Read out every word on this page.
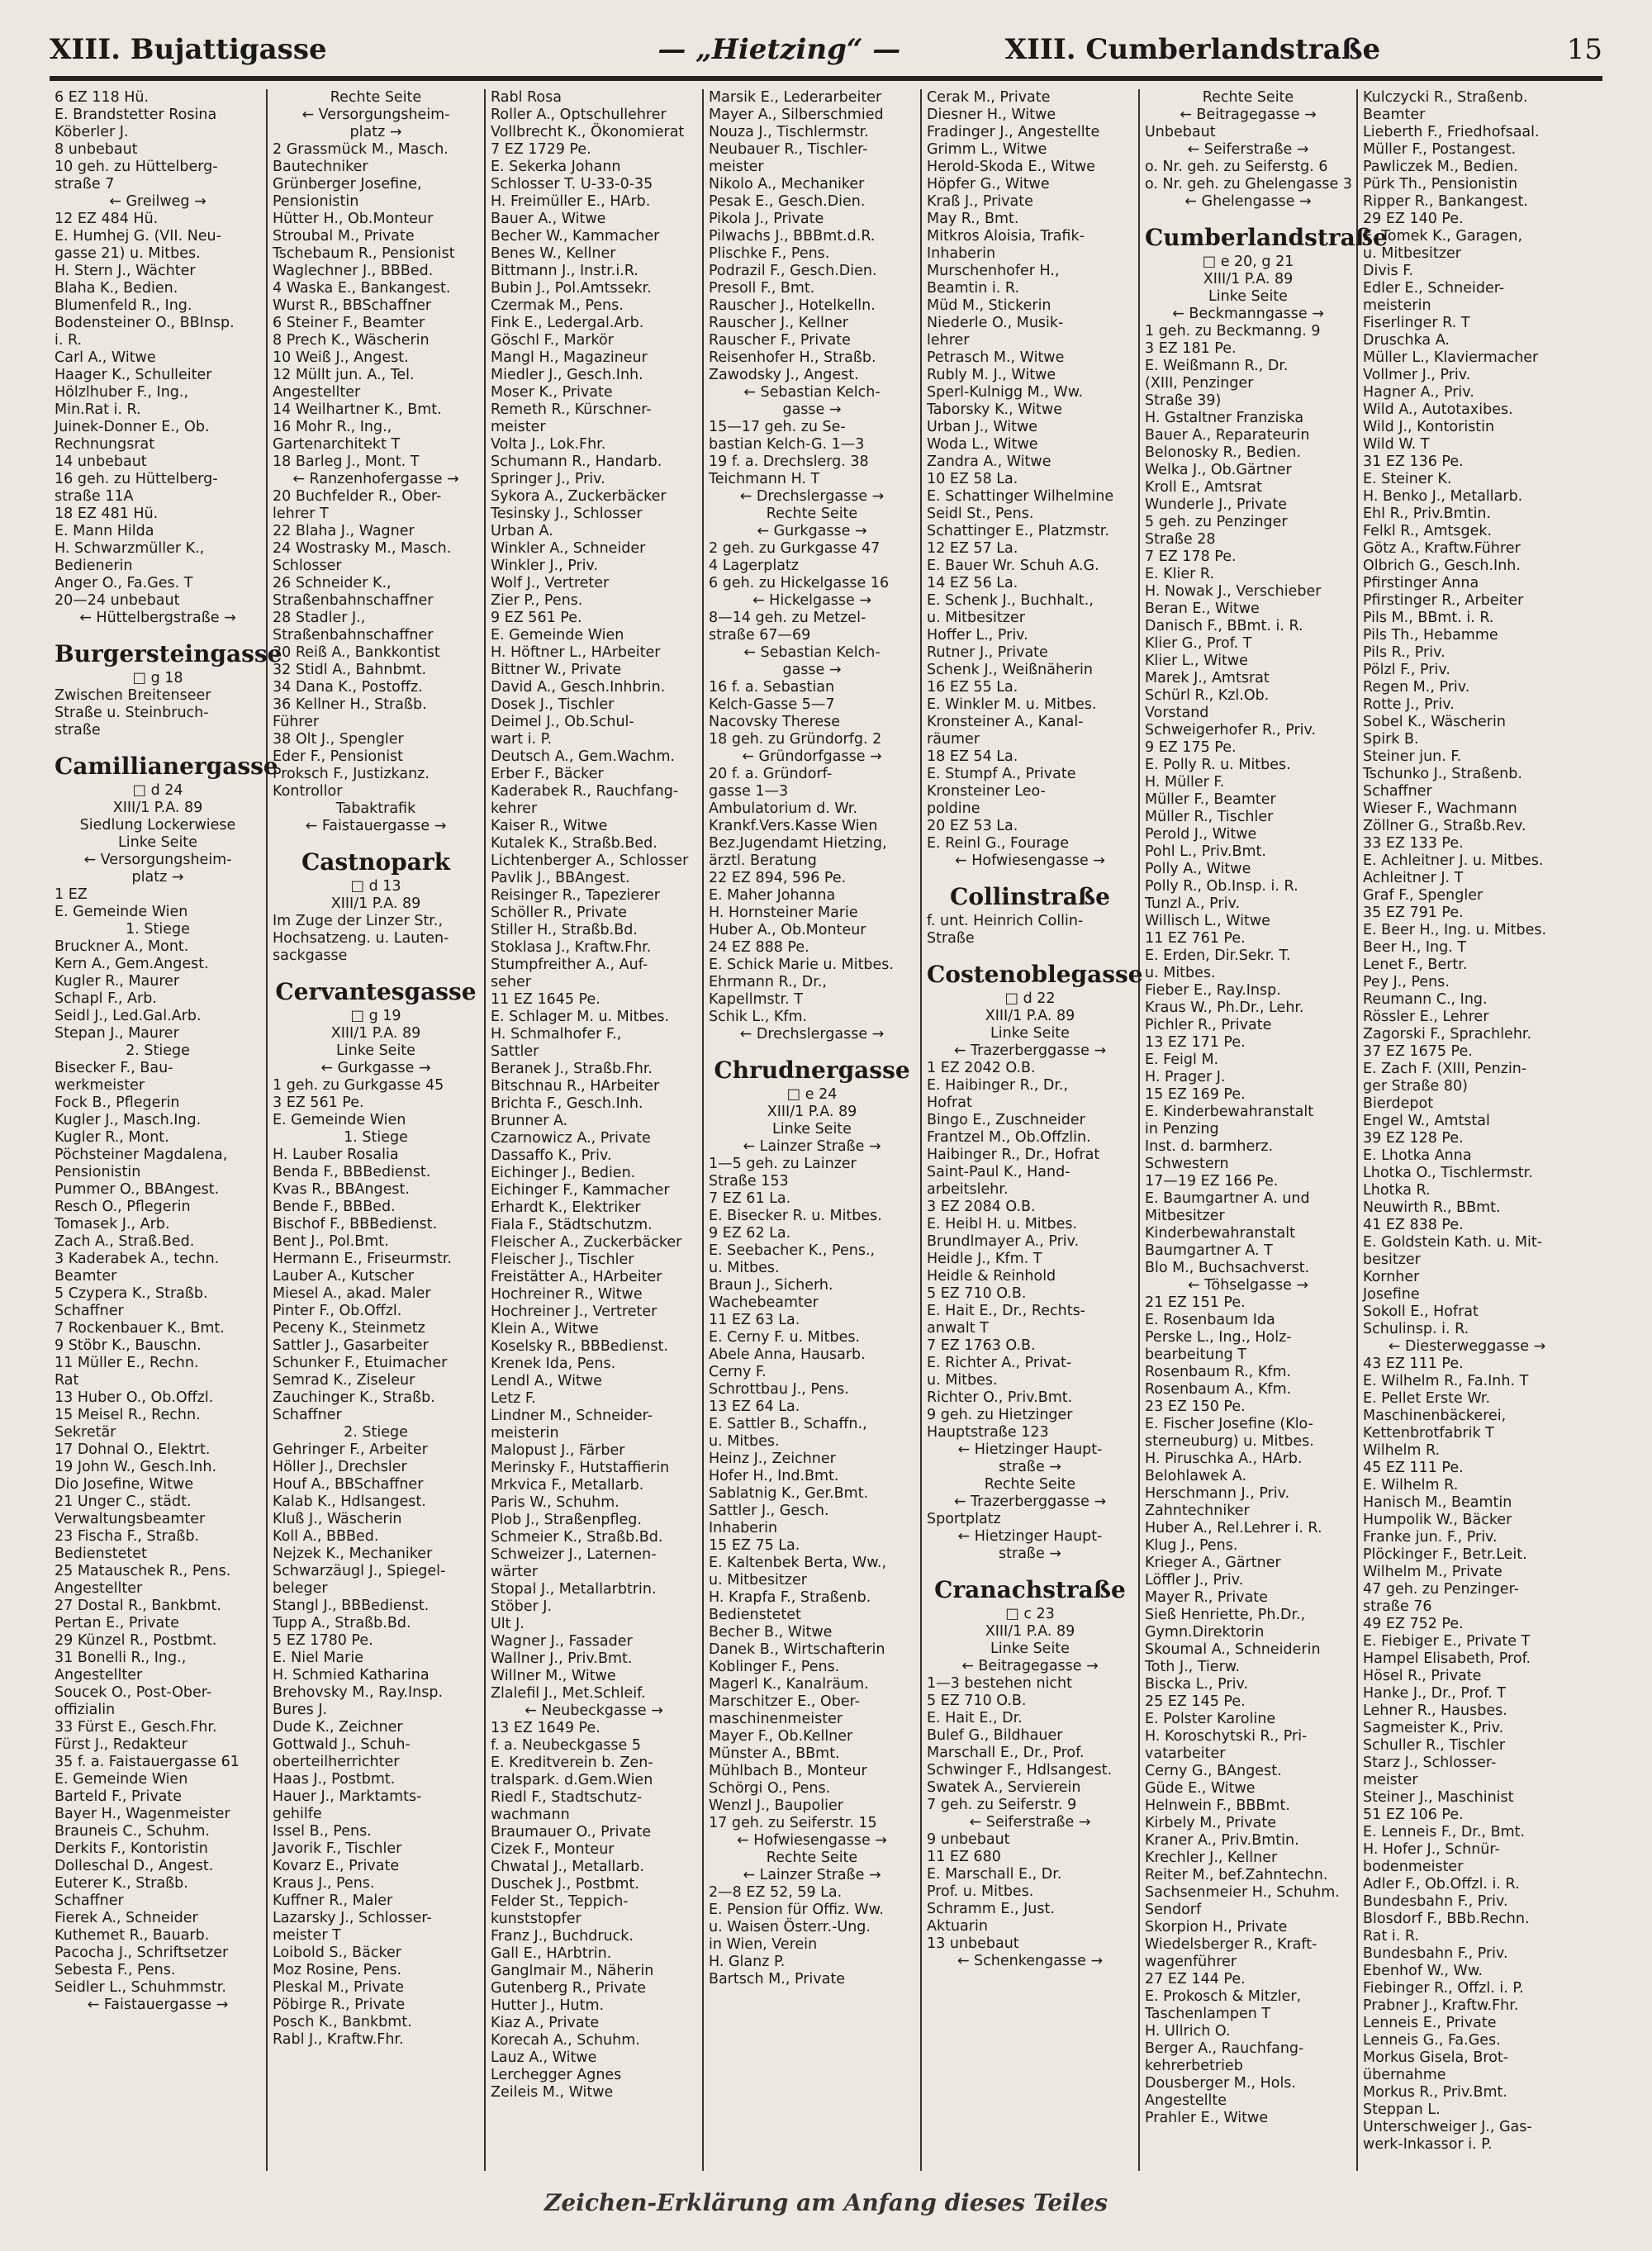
XIII. Bujattigasse	— „Hietzing“ —	XIII. Cumberlandstraße	15
6 EZ 118 Hü.
E. Brandstetter Rosina
Köberler J.
8 unbebaut
10 geh. zu Hüttelberg-
straße 7
← Greilweg →
12 EZ 484 Hü.
E. Humhej G. (VII. Neu-
gasse 21) u. Mitbes.
H. Stern J., Wächter
Blaha K., Bedien.
Blumenfeld R., Ing.
Bodensteiner O., BBInsp.
i. R.
Carl A., Witwe
Haager K., Schulleiter
Hölzlhuber F., Ing.,
Min.Rat i. R.
Juinek-Donner E., Ob.
Rechnungsrat
14 unbebaut
16 geh. zu Hüttelberg-
straße 11A
18 EZ 481 Hü.
E. Mann Hilda
H. Schwarzmüller K.,
Bedienerin
Anger O., Fa.Ges. T
20—24 unbebaut
← Hüttelbergstraße →
Burgersteingasse
□ g 18
Zwischen Breitenseer
Straße u. Steinbruch-
straße
Camillianergasse
□ d 24
XIII/1 P.A. 89
Siedlung Lockerwiese
Linke Seite
← Versorgungsheim-
platz →
1 EZ
E. Gemeinde Wien
1. Stiege
Bruckner A., Mont.
Kern A., Gem.Angest.
Kugler R., Maurer
Schapl F., Arb.
Seidl J., Led.Gal.Arb.
Stepan J., Maurer
2. Stiege
Bisecker F., Bau-
werkmeister
Fock B., Pflegerin
Kugler J., Masch.Ing.
Kugler R., Mont.
Pöchsteiner Magdalena,
Pensionistin
Pummer O., BBAngest.
Resch O., Pflegerin
Tomasek J., Arb.
Zach A., Straß.Bed.
3 Kaderabek A., techn.
Beamter
5 Czypera K., Straßb.
Schaffner
7 Rockenbauer K., Bmt.
9 Stöbr K., Bauschn.
11 Müller E., Rechn.
Rat
13 Huber O., Ob.Offzl.
15 Meisel R., Rechn.
Sekretär
17 Dohnal O., Elektrt.
19 John W., Gesch.Inh.
Dio Josefine, Witwe
21 Unger C., städt.
Verwaltungsbeamter
23 Fischa F., Straßb.
Bedienstetet
25 Matauschek R., Pens.
Angestellter
27 Dostal R., Bankbmt.
Pertan E., Private
29 Künzel R., Postbmt.
31 Bonelli R., Ing.,
Angestellter
Soucek O., Post-Ober-
offizialin
33 Fürst E., Gesch.Fhr.
Fürst J., Redakteur
35 f. a. Faistauergasse 61
E. Gemeinde Wien
Barteld F., Private
Bayer H., Wagenmeister
Brauneis C., Schuhm.
Derkits F., Kontoristin
Dolleschal D., Angest.
Euterer K., Straßb.
Schaffner
Fierek A., Schneider
Kuthemet R., Bauarb.
Pacocha J., Schriftsetzer
Sebesta F., Pens.
Seidler L., Schuhmmstr.
← Faistauergasse →
Rechte Seite
← Versorgungsheim-
platz →
2 Grassmück M., Masch.
Bautechniker
Grünberger Josefine,
Pensionistin
Hütter H., Ob.Monteur
Stroubal M., Private
Tschebaum R., Pensionist
Waglechner J., BBBed.
4 Waska E., Bankangest.
Wurst R., BBSchaffner
6 Steiner F., Beamter
8 Prech K., Wäscherin
10 Weiß J., Angest.
12 Müllt jun. A., Tel.
Angestellter
14 Weilhartner K., Bmt.
16 Mohr R., Ing.,
Gartenarchitekt T
18 Barleg J., Mont. T
← Ranzenhofergasse →
20 Buchfelder R., Ober-
lehrer T
22 Blaha J., Wagner
24 Wostrasky M., Masch.
Schlosser
26 Schneider K.,
Straßenbahnschaffner
28 Stadler J.,
Straßenbahnschaffner
30 Reiß A., Bankkontist
32 Stidl A., Bahnbmt.
34 Dana K., Postoffz.
36 Kellner H., Straßb.
Führer
38 Olt J., Spengler
Eder F., Pensionist
Proksch F., Justizkanz.
Kontrollor
Tabaktrafik
← Faistauergasse →
Castnopark
□ d 13
XIII/1 P.A. 89
Im Zuge der Linzer Str.,
Hochsatzeng. u. Lauten-
sackgasse
Cervantesgasse
□ g 19
XIII/1 P.A. 89
Linke Seite
← Gurkgasse →
1 geh. zu Gurkgasse 45
3 EZ 561 Pe.
E. Gemeinde Wien
1. Stiege
H. Lauber Rosalia
Benda F., BBBedienst.
Kvas R., BBAngest.
Bende F., BBBed.
Bischof F., BBBedienst.
Bent J., Pol.Bmt.
Hermann E., Friseurmstr.
Lauber A., Kutscher
Miesel A., akad. Maler
Pinter F., Ob.Offzl.
Peceny K., Steinmetz
Sattler J., Gasarbeiter
Schunker F., Etuimacher
Semrad K., Ziseleur
Zauchinger K., Straßb.
Schaffner
2. Stiege
Gehringer F., Arbeiter
Höller J., Drechsler
Houf A., BBSchaffner
Kalab K., Hdlsangest.
Kluß J., Wäscherin
Koll A., BBBed.
Nejzek K., Mechaniker
Schwarzäugl J., Spiegel-
beleger
Stangl J., BBBedienst.
Tupp A., Straßb.Bd.
5 EZ 1780 Pe.
E. Niel Marie
H. Schmied Katharina
Brehovsky M., Ray.Insp.
Bures J.
Dude K., Zeichner
Gottwald J., Schuh-
oberteilherrichter
Haas J., Postbmt.
Hauer J., Marktamts-
gehilfe
Issel B., Pens.
Javorik F., Tischler
Kovarz E., Private
Kraus J., Pens.
Kuffner R., Maler
Lazarsky J., Schlosser-
meister T
Loibold S., Bäcker
Moz Rosine, Pens.
Pleskal M., Private
Pöbirge R., Private
Posch K., Bankbmt.
Rabl J., Kraftw.Fhr.
Rabl Rosa
Roller A., Optschullehrer
Vollbrecht K., Ökonomierat
7 EZ 1729 Pe.
E. Sekerka Johann
Schlosser T. U-33-0-35
H. Freimüller E., HArb.
Bauer A., Witwe
Becher W., Kammacher
Benes W., Kellner
Bittmann J., Instr.i.R.
Bubin J., Pol.Amtssekr.
Czermak M., Pens.
Fink E., Ledergal.Arb.
Göschl F., Markör
Mangl H., Magazineur
Miedler J., Gesch.Inh.
Moser K., Private
Remeth R., Kürschner-
meister
Volta J., Lok.Fhr.
Schumann R., Handarb.
Springer J., Priv.
Sykora A., Zuckerbäcker
Tesinsky J., Schlosser
Urban A.
Winkler A., Schneider
Winkler J., Priv.
Wolf J., Vertreter
Zier P., Pens.
9 EZ 561 Pe.
E. Gemeinde Wien
H. Höftner L., HArbeiter
Bittner W., Private
David A., Gesch.Inhbrin.
Dosek J., Tischler
Deimel J., Ob.Schul-
wart i. P.
Deutsch A., Gem.Wachm.
Erber F., Bäcker
Kaderabek R., Rauchfang-
kehrer
Kaiser R., Witwe
Kutalek K., Straßb.Bed.
Lichtenberger A., Schlosser
Pavlik J., BBAngest.
Reisinger R., Tapezierer
Schöller R., Private
Stiller H., Straßb.Bd.
Stoklasa J., Kraftw.Fhr.
Stumpfreither A., Auf-
seher
11 EZ 1645 Pe.
E. Schlager M. u. Mitbes.
H. Schmalhofer F.,
Sattler
Beranek J., Straßb.Fhr.
Bitschnau R., HArbeiter
Brichta F., Gesch.Inh.
Brunner A.
Czarnowicz A., Private
Dassaffo K., Priv.
Eichinger J., Bedien.
Eichinger F., Kammacher
Erhardt K., Elektriker
Fiala F., Städtschutzm.
Fleischer A., Zuckerbäcker
Fleischer J., Tischler
Freistätter A., HArbeiter
Hochreiner R., Witwe
Hochreiner J., Vertreter
Klein A., Witwe
Koselsky R., BBBedienst.
Krenek Ida, Pens.
Lendl A., Witwe
Letz F.
Lindner M., Schneider-
meisterin
Malopust J., Färber
Merinsky F., Hutstaffierin
Mrkvica F., Metallarb.
Paris W., Schuhm.
Plob J., Straßenpfleg.
Schmeier K., Straßb.Bd.
Schweizer J., Laternen-
wärter
Stopal J., Metallarbtrin.
Stöber J.
Ult J.
Wagner J., Fassader
Wallner J., Priv.Bmt.
Willner M., Witwe
Zlalefil J., Met.Schleif.
← Neubeckgasse →
13 EZ 1649 Pe.
f. a. Neubeckgasse 5
E. Kreditverein b. Zen-
tralspark. d.Gem.Wien
Riedl F., Stadtschutz-
wachmann
Braumauer O., Private
Cizek F., Monteur
Chwatal J., Metallarb.
Duschek J., Postbmt.
Felder St., Teppich-
kunststopfer
Franz J., Buchdruck.
Gall E., HArbtrin.
Ganglmair M., Näherin
Gutenberg R., Private
Hutter J., Hutm.
Kiaz A., Private
Korecah A., Schuhm.
Lauz A., Witwe
Lerchegger Agnes
Zeileis M., Witwe
Marsik E., Lederarbeiter
Mayer A., Silberschmied
Nouza J., Tischlermstr.
Neubauer R., Tischler-
meister
Nikolo A., Mechaniker
Pesak E., Gesch.Dien.
Pikola J., Private
Pilwachs J., BBBmt.d.R.
Plischke F., Pens.
Podrazil F., Gesch.Dien.
Presoll F., Bmt.
Rauscher J., Hotelkelln.
Rauscher J., Kellner
Rauscher F., Private
Reisenhofer H., Straßb.
Zawodsky J., Angest.
← Sebastian Kelch-
gasse →
15—17 geh. zu Se-
bastian Kelch-G. 1—3
19 f. a. Drechslerg. 38
Teichmann H. T
← Drechslergasse →
Rechte Seite
← Gurkgasse →
2 geh. zu Gurkgasse 47
4 Lagerplatz
6 geh. zu Hickelgasse 16
← Hickelgasse →
8—14 geh. zu Metzel-
straße 67—69
← Sebastian Kelch-
gasse →
16 f. a. Sebastian
Kelch-Gasse 5—7
Nacovsky Therese
18 geh. zu Gründorfg. 2
← Gründorfgasse →
20 f. a. Gründorf-
gasse 1—3
Ambulatorium d. Wr.
Krankf.Vers.Kasse Wien
Bez.Jugendamt Hietzing,
ärztl. Beratung
22 EZ 894, 596 Pe.
E. Maher Johanna
H. Hornsteiner Marie
Huber A., Ob.Monteur
24 EZ 888 Pe.
E. Schick Marie u. Mitbes.
Ehrmann R., Dr.,
Kapellmstr. T
Schik L., Kfm.
← Drechslergasse →
Chrudnergasse
□ e 24
XIII/1 P.A. 89
Linke Seite
← Lainzer Straße →
1—5 geh. zu Lainzer
Straße 153
7 EZ 61 La.
E. Bisecker R. u. Mitbes.
9 EZ 62 La.
E. Seebacher K., Pens.,
u. Mitbes.
Braun J., Sicherh.
Wachebeamter
11 EZ 63 La.
E. Cerny F. u. Mitbes.
Abele Anna, Hausarb.
Cerny F.
Schrottbau J., Pens.
13 EZ 64 La.
E. Sattler B., Schaffn.,
u. Mitbes.
Heinz J., Zeichner
Hofer H., Ind.Bmt.
Sablatnig K., Ger.Bmt.
Sattler J., Gesch.
Inhaberin
15 EZ 75 La.
E. Kaltenbek Berta, Ww.,
u. Mitbesitzer
H. Krapfa F., Straßenb.
Bedienstetet
Becher B., Witwe
Danek B., Wirtschafterin
Koblinger F., Pens.
Magerl K., Kanalräum.
Marschitzer E., Ober-
maschinenmeister
Mayer F., Ob.Kellner
Münster A., BBmt.
Mühlbach B., Monteur
Schörgi O., Pens.
Wenzl J., Baupolier
17 geh. zu Seiferstr. 15
← Hofwiesengasse →
Rechte Seite
← Lainzer Straße →
2—8 EZ 52, 59 La.
E. Pension für Offiz. Ww.
u. Waisen Österr.-Ung.
in Wien, Verein
H. Glanz P.
Bartsch M., Private
Cerak M., Private
Diesner H., Witwe
Fradinger J., Angestellte
Grimm L., Witwe
Herold-Skoda E., Witwe
Höpfer G., Witwe
Kraß J., Private
May R., Bmt.
Mitkros Aloisia, Trafik-
Inhaberin
Murschenhofer H.,
Beamtin i. R.
Müd M., Stickerin
Niederle O., Musik-
lehrer
Petrasch M., Witwe
Rubly M. J., Witwe
Sperl-Kulnigg M., Ww.
Taborsky K., Witwe
Urban J., Witwe
Woda L., Witwe
Zandra A., Witwe
10 EZ 58 La.
E. Schattinger Wilhelmine
Seidl St., Pens.
Schattinger E., Platzmstr.
12 EZ 57 La.
E. Bauer Wr. Schuh A.G.
14 EZ 56 La.
E. Schenk J., Buchhalt.,
u. Mitbesitzer
Hoffer L., Priv.
Rutner J., Private
Schenk J., Weißnäherin
16 EZ 55 La.
E. Winkler M. u. Mitbes.
Kronsteiner A., Kanal-
räumer
18 EZ 54 La.
E. Stumpf A., Private
Kronsteiner Leo-
poldine
20 EZ 53 La.
E. Reinl G., Fourage
← Hofwiesengasse →
Collinstraße
f. unt. Heinrich Collin-
Straße
Costenoblegasse
□ d 22
XIII/1 P.A. 89
Linke Seite
← Trazerberggasse →
1 EZ 2042 O.B.
E. Haibinger R., Dr.,
Hofrat
Bingo E., Zuschneider
Frantzel M., Ob.Offzlin.
Haibinger R., Dr., Hofrat
Saint-Paul K., Hand-
arbeitslehr.
3 EZ 2084 O.B.
E. Heibl H. u. Mitbes.
Brundlmayer A., Priv.
Heidle J., Kfm. T
Heidle & Reinhold
5 EZ 710 O.B.
E. Hait E., Dr., Rechts-
anwalt T
7 EZ 1763 O.B.
E. Richter A., Privat-
u. Mitbes.
Richter O., Priv.Bmt.
9 geh. zu Hietzinger
Hauptstraße 123
← Hietzinger Haupt-
straße →
Rechte Seite
← Trazerberggasse →
Sportplatz
← Hietzinger Haupt-
straße →
Cranachstraße
□ c 23
XIII/1 P.A. 89
Linke Seite
← Beitragegasse →
1—3 bestehen nicht
5 EZ 710 O.B.
E. Hait E., Dr.
Bulef G., Bildhauer
Marschall E., Dr., Prof.
Schwinger F., Hdlsangest.
Swatek A., Servierein
7 geh. zu Seiferstr. 9
← Seiferstraße →
9 unbebaut
11 EZ 680
E. Marschall E., Dr.
Prof. u. Mitbes.
Schramm E., Just.
Aktuarin
13 unbebaut
← Schenkengasse →
Rechte Seite
← Beitragegasse →
Unbebaut
← Seiferstraße →
o. Nr. geh. zu Seiferstg. 6
o. Nr. geh. zu Ghelengasse 3
← Ghelengasse →
Cumberlandstraße
□ e 20, g 21
XIII/1 P.A. 89
Linke Seite
← Beckmanngasse →
1 geh. zu Beckmanng. 9
3 EZ 181 Pe.
E. Weißmann R., Dr.
(XIII, Penzinger
Straße 39)
H. Gstaltner Franziska
Bauer A., Reparateurin
Belonosky R., Bedien.
Welka J., Ob.Gärtner
Kroll E., Amtsrat
Wunderle J., Private
5 geh. zu Penzinger
Straße 28
7 EZ 178 Pe.
E. Klier R.
H. Nowak J., Verschieber
Beran E., Witwe
Danisch F., BBmt. i. R.
Klier G., Prof. T
Klier L., Witwe
Marek J., Amtsrat
Schürl R., Kzl.Ob.
Vorstand
Schweigerhofer R., Priv.
9 EZ 175 Pe.
E. Polly R. u. Mitbes.
H. Müller F.
Müller F., Beamter
Müller R., Tischler
Perold J., Witwe
Pohl L., Priv.Bmt.
Polly A., Witwe
Polly R., Ob.Insp. i. R.
Tunzl A., Priv.
Willisch L., Witwe
11 EZ 761 Pe.
E. Erden, Dir.Sekr. T.
u. Mitbes.
Fieber E., Ray.Insp.
Kraus W., Ph.Dr., Lehr.
Pichler R., Private
13 EZ 171 Pe.
E. Feigl M.
H. Prager J.
15 EZ 169 Pe.
E. Kinderbewahranstalt
in Penzing
Inst. d. barmherz.
Schwestern
17—19 EZ 166 Pe.
E. Baumgartner A. und
Mitbesitzer
Kinderbewahranstalt
Baumgartner A. T
Blo M., Buchsachverst.
← Töhselgasse →
21 EZ 151 Pe.
E. Rosenbaum Ida
Perske L., Ing., Holz-
bearbeitung T
Rosenbaum R., Kfm.
Rosenbaum A., Kfm.
23 EZ 150 Pe.
E. Fischer Josefine (Klo-
sterneuburg) u. Mitbes.
H. Piruschka A., HArb.
Belohlawek A.
Herschmann J., Priv.
Zahntechniker
Huber A., Rel.Lehrer i. R.
Klug J., Pens.
Krieger A., Gärtner
Löffler J., Priv.
Mayer R., Private
Sieß Henriette, Ph.Dr.,
Gymn.Direktorin
Skoumal A., Schneiderin
Toth J., Tierw.
Biscka L., Priv.
25 EZ 145 Pe.
E. Polster Karoline
H. Koroschytski R., Pri-
vatarbeiter
Cerny G., BAngest.
Güde E., Witwe
Helnwein F., BBBmt.
Kirbely M., Private
Kraner A., Priv.Bmtin.
Krechler J., Kellner
Reiter M., bef.Zahntechn.
Sachsenmeier H., Schuhm.
Sendorf
Skorpion H., Private
Wiedelsberger R., Kraft-
wagenführer
27 EZ 144 Pe.
E. Prokosch & Mitzler,
Taschenlampen T
H. Ullrich O.
Berger A., Rauchfang-
kehrerbetrieb
Dousberger M., Hols.
Angestellte
Prahler E., Witwe
Kulczycki R., Straßenb.
Beamter
Lieberth F., Friedhofsaal.
Müller F., Postangest.
Pawliczek M., Bedien.
Pürk Th., Pensionistin
Ripper R., Bankangest.
29 EZ 140 Pe.
E. Tomek K., Garagen,
u. Mitbesitzer
Divis F.
Edler E., Schneider-
meisterin
Fiserlinger R. T
Druschka A.
Müller L., Klaviermacher
Vollmer J., Priv.
Hagner A., Priv.
Wild A., Autotaxibes.
Wild J., Kontoristin
Wild W. T
31 EZ 136 Pe.
E. Steiner K.
H. Benko J., Metallarb.
Ehl R., Priv.Bmtin.
Felkl R., Amtsgek.
Götz A., Kraftw.Führer
Olbrich G., Gesch.Inh.
Pfirstinger Anna
Pfirstinger R., Arbeiter
Pils M., BBmt. i. R.
Pils Th., Hebamme
Pils R., Priv.
Pölzl F., Priv.
Regen M., Priv.
Rotte J., Priv.
Sobel K., Wäscherin
Spirk B.
Steiner jun. F.
Tschunko J., Straßenb.
Schaffner
Wieser F., Wachmann
Zöllner G., Straßb.Rev.
33 EZ 133 Pe.
E. Achleitner J. u. Mitbes.
Achleitner J. T
Graf F., Spengler
35 EZ 791 Pe.
E. Beer H., Ing. u. Mitbes.
Beer H., Ing. T
Lenet F., Bertr.
Pey J., Pens.
Reumann C., Ing.
Rössler E., Lehrer
Zagorski F., Sprachlehr.
37 EZ 1675 Pe.
E. Zach F. (XIII, Penzin-
ger Straße 80)
Bierdepot
Engel W., Amtstal
39 EZ 128 Pe.
E. Lhotka Anna
Lhotka O., Tischlermstr.
Lhotka R.
Neuwirth R., BBmt.
41 EZ 838 Pe.
E. Goldstein Kath. u. Mit-
besitzer
Kornher
Josefine
Sokoll E., Hofrat
Schulinsp. i. R.
← Diesterweggasse →
43 EZ 111 Pe.
E. Wilhelm R., Fa.Inh. T
E. Pellet Erste Wr.
Maschinenbäckerei,
Kettenbrotfabrik T
Wilhelm R.
45 EZ 111 Pe.
E. Wilhelm R.
Hanisch M., Beamtin
Humpolik W., Bäcker
Franke jun. F., Priv.
Plöckinger F., Betr.Leit.
Wilhelm M., Private
47 geh. zu Penzinger-
straße 76
49 EZ 752 Pe.
E. Fiebiger E., Private T
Hampel Elisabeth, Prof.
Hösel R., Private
Hanke J., Dr., Prof. T
Lehner R., Hausbes.
Sagmeister K., Priv.
Schuller R., Tischler
Starz J., Schlosser-
meister
Steiner J., Maschinist
51 EZ 106 Pe.
E. Lenneis F., Dr., Bmt.
H. Hofer J., Schnür-
bodenmeister
Adler F., Ob.Offzl. i. R.
Bundesbahn F., Priv.
Blosdorf F., BBb.Rechn.
Rat i. R.
Bundesbahn F., Priv.
Ebenhof W., Ww.
Fiebinger R., Offzl. i. P.
Prabner J., Kraftw.Fhr.
Lenneis E., Private
Lenneis G., Fa.Ges.
Morkus Gisela, Brot-
übernahme
Morkus R., Priv.Bmt.
Steppan L.
Unterschweiger J., Gas-
werk-Inkassor i. P.
Zeichen-Erklärung am Anfang dieses Teiles
